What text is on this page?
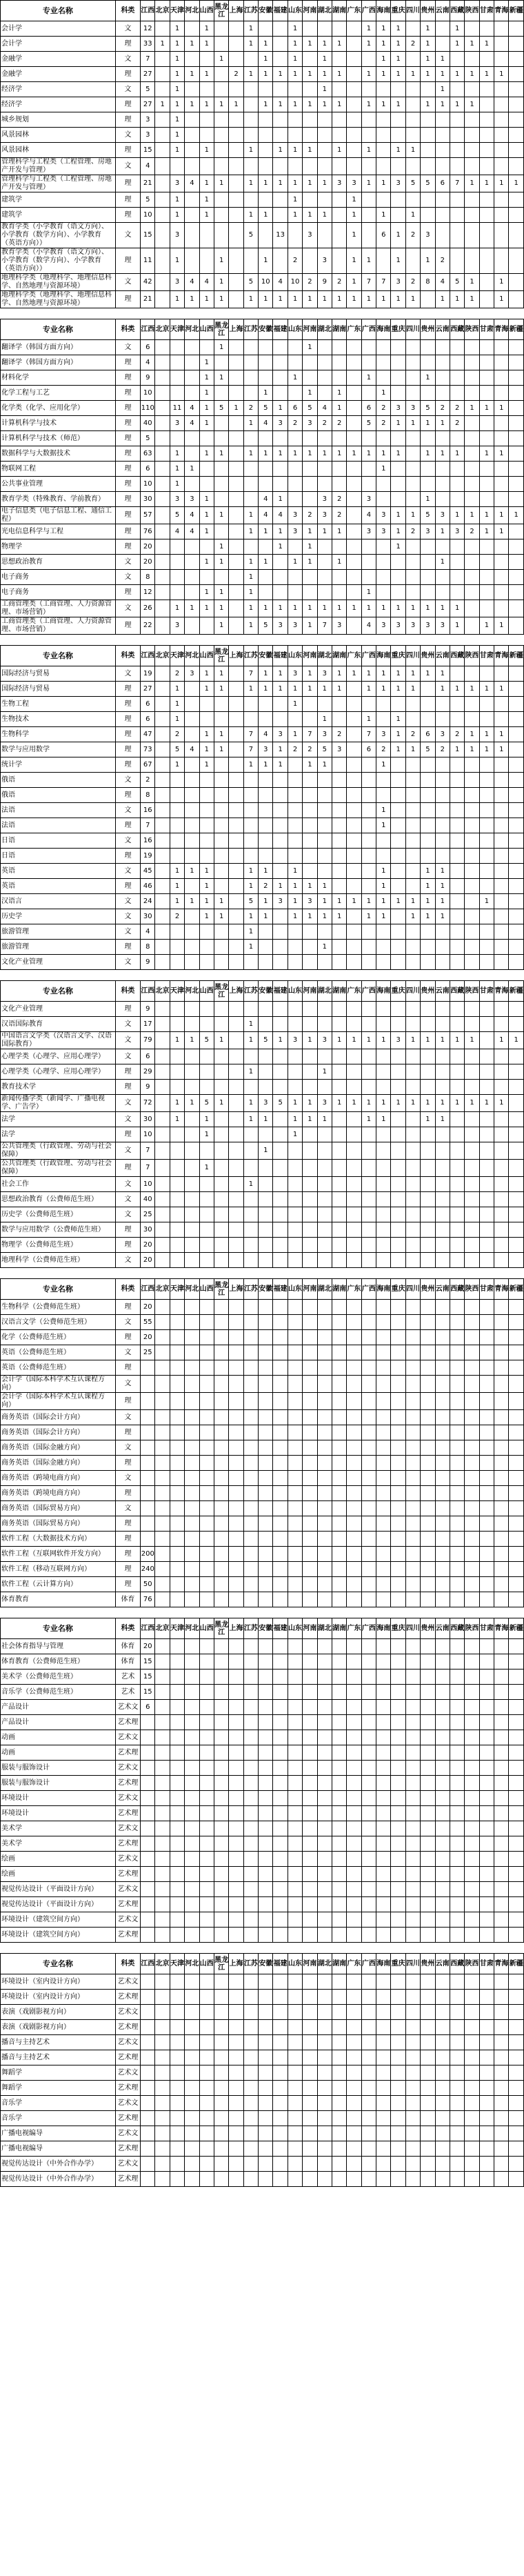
专业名称	科类	江西	北京	天津	河北	山西	黑龙江	上海	江苏	安徽	福建	山东	河南	湖北	湖南	广东	广西	海南	重庆	四川	贵州	云南	西藏	陕西	甘肃	青海	新疆
会计学	文	12		1		1			1			1					1	1	1		1		1				
会计学	理	33	1	1	1	1			1	1		1	1	1	1		1	1	1	2	1		1	1	1		
金融学	文	7		1			1			1		1		1				1	1		1	1					
金融学	理	27		1	1	1		2	1	1	1	1	1	1	1		1	1	1	1	1	1	1	1	1	1	
经济学	文	5		1										1								1					
经济学	理	27	1	1	1	1	1	1		1	1	1	1	1	1		1	1	1		1	1	1	1			
城乡规划	理	3		1																							
风景园林	文	3		1																							
风景园林	理	15		1		1			1		1	1	1		1		1		1	1							
管理科学与工程类（工程管理、房地产开发与管理）	文	4																									
管理科学与工程类（工程管理、房地产开发与管理）	理	21		3	4	1	1		1	1	1	1	1	1	3	3	1	1	3	5	5	6	7	1	1	1	1
建筑学	理	5		1		1						1				1											
建筑学	理	10		1		1			1	1		1	1	1		1		1		1							
教育学类（小学教育（语文方向）、小学教育（数学方向）、小学教育（英语方向））	文	15		3					5		13		3			1		6	1	2	3						
教育学类（小学教育（语文方向）、小学教育（数学方向）、小学教育（英语方向））	理	11		1			1			1		2		3		1	1		1		1	2					
地理科学类（地理科学、地理信息科学、自然地理与资源环境）	文	42		3	4	4	1		5	10	4	10	2	9	2	1	7	7	3	2	8	4	5	1		1	
地理科学类（地理科学、地理信息科学、自然地理与资源环境）	理	21		1	1	1	1		1	1	1	1	1	1	1	1	1	1	1	1		1	1	1		1	

专业名称	科类	江西	北京	天津	河北	山西	黑龙江	上海	江苏	安徽	福建	山东	河南	湖北	湖南	广东	广西	海南	重庆	四川	贵州	云南	西藏	陕西	甘肃	青海	新疆
翻译学（韩国方面方向）	文	6					1						1														
翻译学（韩国方面方向）	理	4				1																					
材料化学	理	9				1	1					1					1				1						
化学工程与工艺	理	10				1				1			1		1			1									
化学类（化学、应用化学）	理	110		11	4	1	5	1	2	5	1	6	5	4	1		6	2	3	3	5	2	2	1	1	1	
计算机科学与技术	理	40		3	4	1			1	4	3	2	3	2	2		5	2	1	1	1	1	2				
计算机科学与技术（师范）	理	5																									
数据科学与大数据技术	理	63		1		1	1		1	1	1	1	1	1	1	1	1	1	1		1	1	1		1	1	
物联网工程	理	6		1	1													1									
公共事业管理	理	10		1																							
教育学类（特殊教育、学前教育）	理	30		3	3	1				4	1			3	2		3				1						
电子信息类（电子信息工程、通信工程）	理	57		5	4	1	1		1	4	4	3	2	3	2		4	3	1	1	5	3	1	1	1	1	1
光电信息科学与工程	理	76		4	4	1			1	1	1	3	1	1	1		3	3	1	2	3	1	3	2	1	1	
物理学	理	20					1				1		1						1								
思想政治教育	文	20				1	1		1	1		1	1		1							1					
电子商务	文	8							1																		
电子商务	理	12				1	1		1								1										
工商管理类（工商管理、人力资源管理、市场营销）	文	26		1	1	1	1		1	1	1	1	1	1	1	1	1	1	1	1	1	1	1				
工商管理类（工商管理、人力资源管理、市场营销）	理	22		3			1		1	5	3	3	1	7	3		4	3	3	3	3	3	1		1	1	

专业名称	科类	江西	北京	天津	河北	山西	黑龙江	上海	江苏	安徽	福建	山东	河南	湖北	湖南	广东	广西	海南	重庆	四川	贵州	云南	西藏	陕西	甘肃	青海	新疆
国际经济与贸易	文	19		2	3	1	1		7	1	1	3	1	3	1	1	1	1	1	1	1	1					
国际经济与贸易	理	27		1		1	1		1	1	1	1	1	1	1		1	1	1	1		1	1	1	1	1	
生物工程	理	6		1								1															
生物技术	理	6		1										1			1		1								
生物科学	理	47		2		1	1		7	4	3	1	7	3	2		7	3	1	2	6	3	2	1	1	1	
数学与应用数学	理	73		5	4	1	1		7	3	1	2	2	5	3		6	2	1	1	5	2	1	1	1	1	
统计学	理	67		1		1			1	1	1		1	1				1									
俄语	文	2																									
俄语	理	8																									
法语	文	16																1									
法语	理	7																1									
日语	文	16																									
日语	理	19																									
英语	文	45		1	1	1			1	1		1						1			1	1					
英语	理	46		1		1			1	2	1	1	1	1				1			1	1					
汉语言	文	24		1	1	1	1		5	1	3	1	3	1	1	1	1	1	1	1	1	1			1		
历史学	文	30		2		1	1		1	1		1	1	1	1		1	1		1	1	1					
旅游管理	文	4							1																		
旅游管理	理	8							1					1													
文化产业管理	文	9																									

专业名称	科类	江西	北京	天津	河北	山西	黑龙江	上海	江苏	安徽	福建	山东	河南	湖北	湖南	广东	广西	海南	重庆	四川	贵州	云南	西藏	陕西	甘肃	青海	新疆
文化产业管理	理	9																									
汉语国际教育	文	17							1																		
中国语言文学类（汉语言文学、汉语国际教育）	文	79		1	1	5	1		1	5	1	3	1	3	1	1	1	1	3	1	1	1	1	1		1	1
心理学类（心理学、应用心理学）	文	6																									
心理学类（心理学、应用心理学）	理	29							1					1													
教育技术学	理	9																									
新闻传播学类（新闻学、广播电视学、广告学）	文	72		1	1	5	1		1	3	5	1	1	3	1	1	1	1	1	1	1	1	1	1	1	1	
法学	文	30		1		1			1	1		1	1	1			1	1			1	1					
法学	理	10				1						1															
公共管理类（行政管理、劳动与社会保障）	文	7								1																	
公共管理类（行政管理、劳动与社会保障）	理	7				1																					
社会工作	文	10							1																		
思想政治教育（公费师范生班）	文	40																									
历史学（公费师范生班）	文	25																									
数学与应用数学（公费师范生班）	理	30																									
物理学（公费师范生班）	理	20																									
地理科学（公费师范生班）	文	20																									

专业名称	科类	江西	北京	天津	河北	山西	黑龙江	上海	江苏	安徽	福建	山东	河南	湖北	湖南	广东	广西	海南	重庆	四川	贵州	云南	西藏	陕西	甘肃	青海	新疆
生物科学（公费师范生班）	理	20																									
汉语言文学（公费师范生班）	文	55																									
化学（公费师范生班）	理	20																									
英语（公费师范生班）	文	25																									
英语（公费师范生班）	理																										
会计学（国际本科学术互认课程方向）	文																										
会计学（国际本科学术互认课程方向）	理																										
商务英语（国际会计方向）	文																										
商务英语（国际会计方向）	理																										
商务英语（国际金融方向）	文																										
商务英语（国际金融方向）	理																										
商务英语（跨境电商方向）	文																										
商务英语（跨境电商方向）	理																										
商务英语（国际贸易方向）	文																										
商务英语（国际贸易方向）	理																										
软件工程（大数据技术方向）	理																										
软件工程（互联网软件开发方向）	理	200																									
软件工程（移动互联网方向）	理	240																									
软件工程（云计算方向）	理	50																									
体育教育	体育	76																									

专业名称	科类	江西	北京	天津	河北	山西	黑龙江	上海	江苏	安徽	福建	山东	河南	湖北	湖南	广东	广西	海南	重庆	四川	贵州	云南	西藏	陕西	甘肃	青海	新疆
社会体育指导与管理	体育	20																									
体育教育（公费师范生班）	体育	15																									
美术学（公费师范生班）	艺术	15																									
音乐学（公费师范生班）	艺术	15																									
产品设计	艺术文	6																									
产品设计	艺术理																										
动画	艺术文																										
动画	艺术理																										
服装与服饰设计	艺术文																										
服装与服饰设计	艺术理																										
环境设计	艺术文																										
环境设计	艺术理																										
美术学	艺术文																										
美术学	艺术理																										
绘画	艺术文																										
绘画	艺术理																										
视觉传达设计（平面设计方向）	艺术文																										
视觉传达设计（平面设计方向）	艺术理																										
环境设计（建筑空间方向）	艺术文																										
环境设计（建筑空间方向）	艺术理																										

专业名称	科类	江西	北京	天津	河北	山西	黑龙江	上海	江苏	安徽	福建	山东	河南	湖北	湖南	广东	广西	海南	重庆	四川	贵州	云南	西藏	陕西	甘肃	青海	新疆
环境设计（室内设计方向）	艺术文																										
环境设计（室内设计方向）	艺术理																										
表演（戏剧影视方向）	艺术文																										
表演（戏剧影视方向）	艺术理																										
播音与主持艺术	艺术文																										
播音与主持艺术	艺术理																										
舞蹈学	艺术文																										
舞蹈学	艺术理																										
音乐学	艺术文																										
音乐学	艺术理																										
广播电视编导	艺术文																										
广播电视编导	艺术理																										
视觉传达设计（中外合作办学）	艺术文																										
视觉传达设计（中外合作办学）	艺术理																										
